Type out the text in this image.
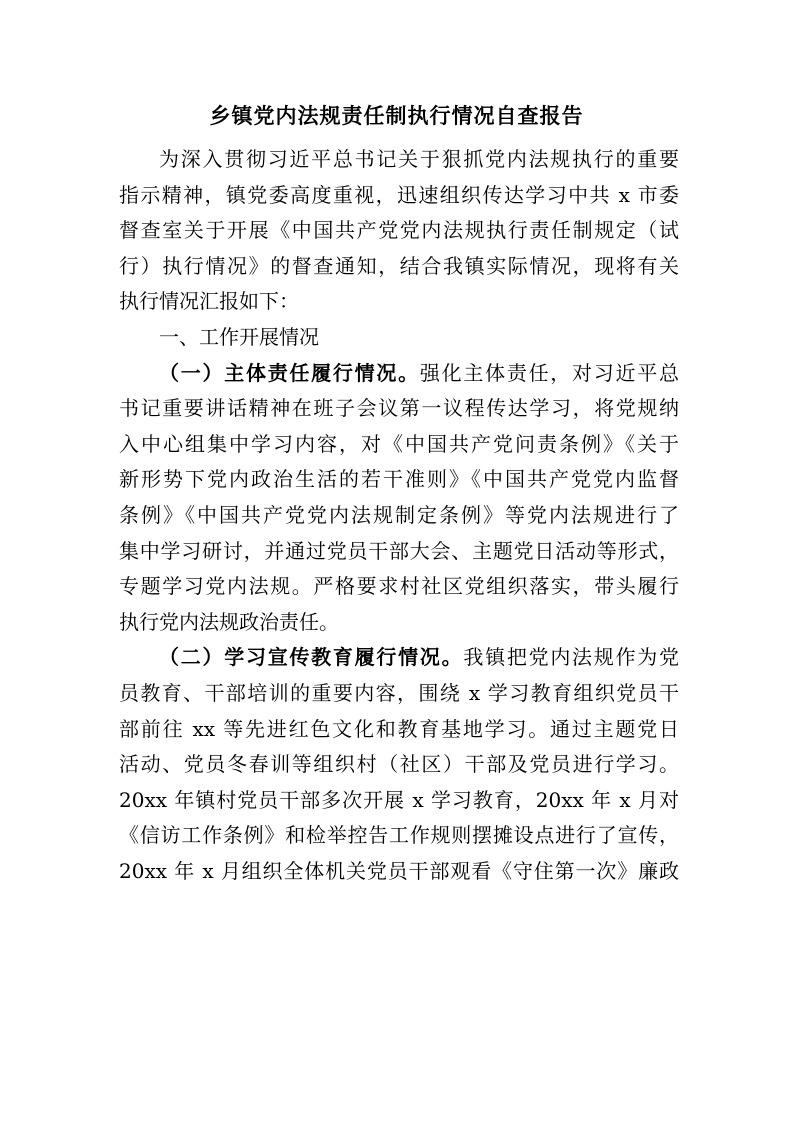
乡镇党内法规责任制执行情况自查报告
为深入贯彻习近平总书记关于狠抓党内法规执行的重要
指示精神，镇党委高度重视，迅速组织传达学习中共 x 市委
督查室关于开展《中国共产党党内法规执行责任制规定（试
行）执行情况》的督查通知，结合我镇实际情况，现将有关
执行情况汇报如下：
一、工作开展情况
（一）主体责任履行情况。强化主体责任，对习近平总
书记重要讲话精神在班子会议第一议程传达学习，将党规纳
入中心组集中学习内容，对《中国共产党问责条例》《关于
新形势下党内政治生活的若干准则》《中国共产党党内监督
条例》《中国共产党党内法规制定条例》等党内法规进行了
集中学习研讨，并通过党员干部大会、主题党日活动等形式，
专题学习党内法规。严格要求村社区党组织落实，带头履行
执行党内法规政治责任。
（二）学习宣传教育履行情况。我镇把党内法规作为党
员教育、干部培训的重要内容，围绕 x 学习教育组织党员干
部前往 xx 等先进红色文化和教育基地学习。通过主题党日
活动、党员冬春训等组织村（社区）干部及党员进行学习。
20xx 年镇村党员干部多次开展 x 学习教育，20xx 年 x 月对
《信访工作条例》和检举控告工作规则摆摊设点进行了宣传，
20xx 年 x 月组织全体机关党员干部观看《守住第一次》廉政
